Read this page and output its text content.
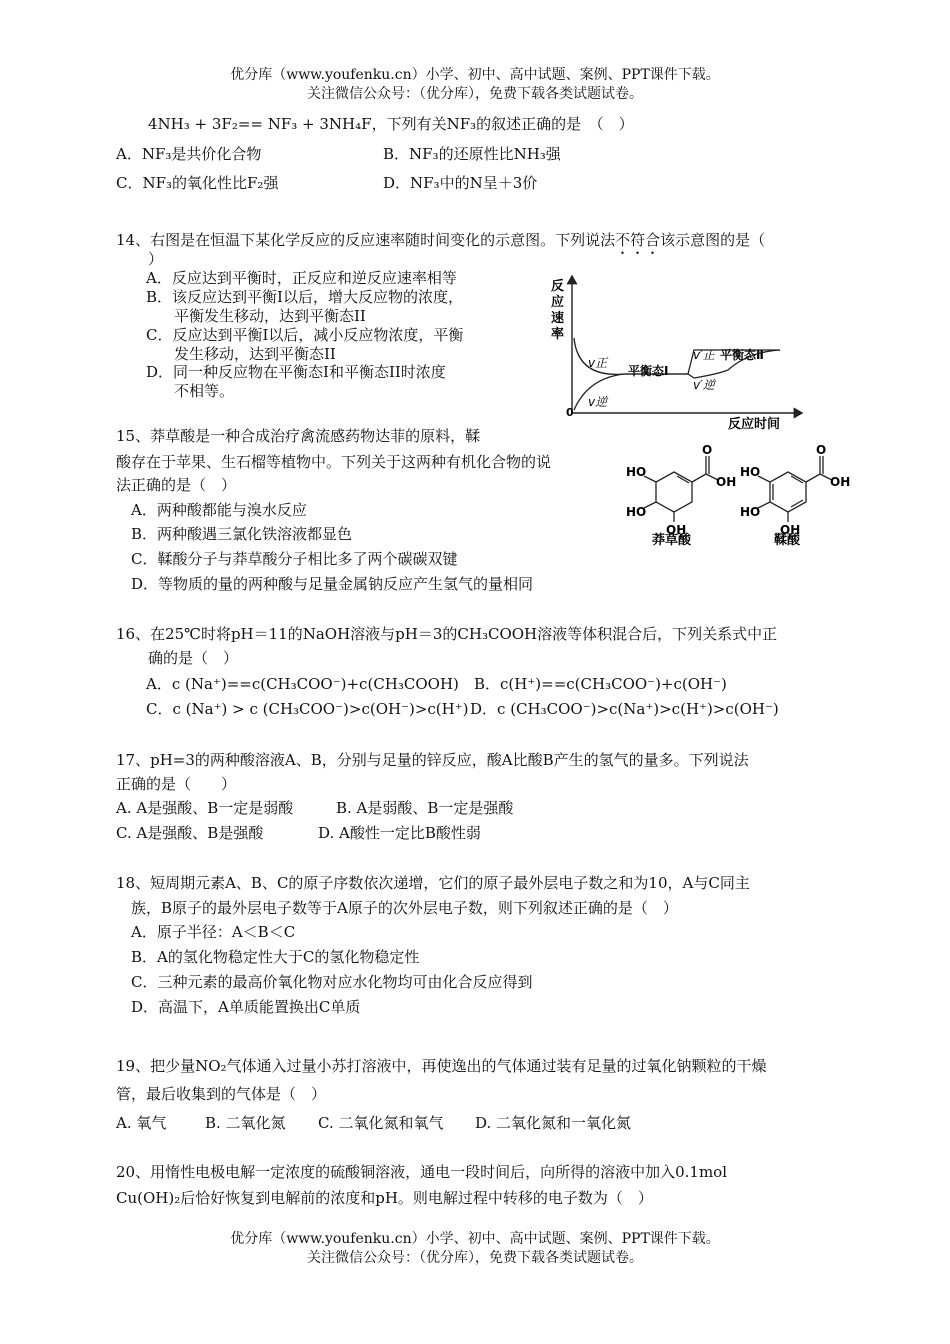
优分库（www.youfenku.cn）小学、初中、高中试题、案例、PPT课件下载。
关注微信公众号：（优分库），免费下载各类试题试卷。
4NH₃ + 3F₂== NF₃ + 3NH₄F，下列有关NF₃的叙述正确的是　（　）
A．NF₃是共价化合物	B．NF₃的还原性比NH₃强
C．NF₃的氧化性比F₂强	D．NF₃中的N呈＋3价
14、右图是在恒温下某化学反应的反应速率随时间变化的示意图。下列说法不符合该示意图的是（
）
A．反应达到平衡时，正反应和逆反应速率相等
B．该反应达到平衡I以后，增大反应物的浓度，
平衡发生移动，达到平衡态II
C．反应达到平衡I以后，减小反应物浓度，平衡
发生移动，达到平衡态II
D．同一种反应物在平衡态Ⅰ和平衡态II时浓度
不相等。
反
应
速
率
0
反应时间
v正
v逆
平衡态Ⅰ
v′正
v′逆
平衡态Ⅱ
15、莽草酸是一种合成治疗禽流感药物达菲的原料，鞣
酸存在于苹果、生石榴等植物中。下列关于这两种有机化合物的说
法正确的是（　）
A．两种酸都能与溴水反应
B．两种酸遇三氯化铁溶液都显色
C．鞣酸分子与莽草酸分子相比多了两个碳碳双键
D．等物质的量的两种酸与足量金属钠反应产生氢气的量相同
O
OH
HO
HO
OH
莽草酸
O
OH
HO
HO
OH
鞣酸
16、在25℃时将pH＝11的NaOH溶液与pH＝3的CH₃COOH溶液等体积混合后，下列关系式中正
确的是（　）
A．c (Na⁺)==c(CH₃COO⁻)+c(CH₃COOH) B．c(H⁺)==c(CH₃COO⁻)+c(OH⁻)
C．c (Na⁺) > c (CH₃COO⁻)>c(OH⁻)>c(H⁺) D．c (CH₃COO⁻)>c(Na⁺)>c(H⁺)>c(OH⁻)
17、pH=3的两种酸溶液A、B，分别与足量的锌反应，酸A比酸B产生的氢气的量多。下列说法
正确的是（　　）
A. A是强酸、B一定是弱酸	B. A是弱酸、B一定是强酸
C. A是强酸、B是强酸	D. A酸性一定比B酸性弱
18、短周期元素A、B、C的原子序数依次递增，它们的原子最外层电子数之和为10，A与C同主
族，B原子的最外层电子数等于A原子的次外层电子数，则下列叙述正确的是（　）
A．原子半径：A＜B＜C
B．A的氢化物稳定性大于C的氢化物稳定性
C．三种元素的最高价氧化物对应水化物均可由化合反应得到
D．高温下，A单质能置换出C单质
19、把少量NO₂气体通入过量小苏打溶液中，再使逸出的气体通过装有足量的过氧化钠颗粒的干燥
管，最后收集到的气体是（　）
A. 氧气	B. 二氧化氮 C. 二氧化氮和氧气 D. 二氧化氮和一氧化氮
20、用惰性电极电解一定浓度的硫酸铜溶液，通电一段时间后，向所得的溶液中加入0.1mol
Cu(OH)₂后恰好恢复到电解前的浓度和pH。则电解过程中转移的电子数为（　）
优分库（www.youfenku.cn）小学、初中、高中试题、案例、PPT课件下载。
关注微信公众号：（优分库），免费下载各类试题试卷。
